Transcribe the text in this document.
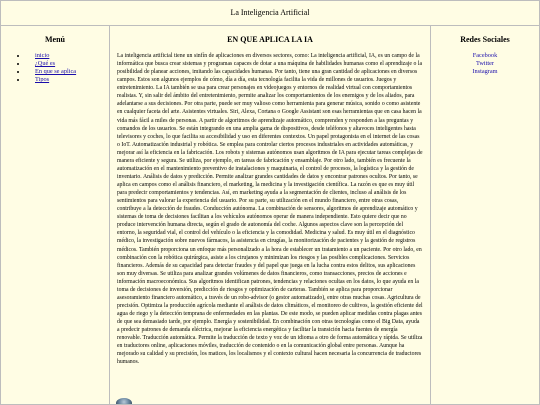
La Inteligencia Artificial
Menú
• inicio
• ¿Qué es
• En que se aplica
• Tipos
EN QUE APLICA LA IA

La inteligencia artificial tiene un sinfín de aplicaciones en diversos sectores, como: La inteligencia artificial, IA, es un campo de la informática que busca crear sistemas y programas capaces de dotar a una máquina de habilidades humanas como el aprendizaje o la posibilidad de planear acciones, imitando las capacidades humanas. Por tanto, tiene una gran cantidad de aplicaciones en diversos campos. Estos son algunos ejemplos de cómo, día a día, esta tecnología facilita la vida de millones de usuarios. Juegos y entretenimiento. La IA también se usa para crear personajes en videojuegos y entornos de realidad virtual con comportamientos realistas. Y, sin salir del ámbito del entretenimiento, permite analizar los comportamientos de los enemigos y de los aliados, para adelantarse a sus decisiones. Por otra parte, puede ser muy valioso como herramienta para generar música, sonido o como asistente en cualquier faceta del arte. Asistentes virtuales. Siri, Alexa, Cortana o Google Assistant son esas herramientas que en casa hacen la vida más fácil a miles de personas. A partir de algoritmos de aprendizaje automático, comprenden y responden a las preguntas y comandos de los usuarios. Se están integrando en una amplia gama de dispositivos, desde teléfonos y altavoces inteligentes hasta televisores y coches, lo que facilita su accesibilidad y uso en diferentes contextos. Un papel protagonista en el internet de las cosas o IoT. Automatización industrial y robótica. Se emplea para controlar ciertos procesos industriales en actividades automáticas, y mejorar así la eficiencia en la fabricación. Los robots y sistemas autónomos usan algoritmos de IA para ejecutar tareas complejas de manera eficiente y segura. Se utiliza, por ejemplo, en tareas de fabricación y ensamblaje. Por otro lado, también es frecuente la automatización en el mantenimiento preventivo de instalaciones y maquinaria, el control de procesos, la logística y la gestión de inventario. Análisis de datos y predicción. Permite analizar grandes cantidades de datos y encontrar patrones ocultos. Por tanto, se aplica en campos como el análisis financiero, el marketing, la medicina y la investigación científica. La razón es que es muy útil para predecir comportamientos y tendencias. Así, en marketing ayuda a la segmentación de clientes, incluso al análisis de los sentimientos para valorar la experiencia del usuario. Por su parte, su utilización en el mundo financiero, entre otras cosas, contribuye a la detección de fraudes. Conducción autónoma. La combinación de sensores, algoritmos de aprendizaje automático y sistemas de toma de decisiones facilitan a los vehículos autónomos operar de manera independiente. Esto quiere decir que no produce intervención humana directa, según el grado de autonomía del coche. Algunos aspectos clave son la percepción del entorno, la seguridad vial, el control del vehículo o la eficiencia y la comodidad. Medicina y salud. Es muy útil en el diagnóstico médico, la investigación sobre nuevos fármacos, la asistencia en cirugías, la monitorización de pacientes y la gestión de registros médicos. También proporciona un enfoque más personalizado a la hora de establecer un tratamiento a un paciente. Por otro lado, en combinación con la robótica quirúrgica, asiste a los cirujanos y minimizan los riesgos y las posibles complicaciones. Servicios financieros. Además de su capacidad para detectar fraudes y del papel que juega en la lucha contra estos delitos, sus aplicaciones son muy diversas. Se utiliza para analizar grandes volúmenes de datos financieros, como transacciones, precios de acciones e información macroeconómica. Sus algoritmos identifican patrones, tendencias y relaciones ocultas en los datos, lo que ayuda en la toma de decisiones de inversión, predicción de riesgos y optimización de carteras. También se aplica para proporcionar asesoramiento financiero automático, a través de un robo-advisor (o gestor automatizado), entre otras muchas cosas. Agricultura de precisión. Optimiza la producción agrícola mediante el análisis de datos climáticos, el monitoreo de cultivos, la gestión eficiente del agua de riego y la detección temprana de enfermedades en las plantas. De este modo, se pueden aplicar medidas contra plagas antes de que sea demasiado tarde, por ejemplo. Energía y sostenibilidad. En combinación con otras tecnologías como el Big Data, ayuda a predecir patrones de demanda eléctrica, mejorar la eficiencia energética y facilitar la transición hacia fuentes de energía renovable. Traducción automática. Permite la traducción de texto y voz de un idioma a otro de forma automática y rápida. Se utiliza en traductores online, aplicaciones móviles, traducción de contenido o en la comunicación global entre personas. Aunque ha mejorado su calidad y su precisión, los matices, los localismos y el contexto cultural hacen necesaria la concurrencia de traductores humanos.

Redes Sociales
Facebook
Twitter
Instagram
